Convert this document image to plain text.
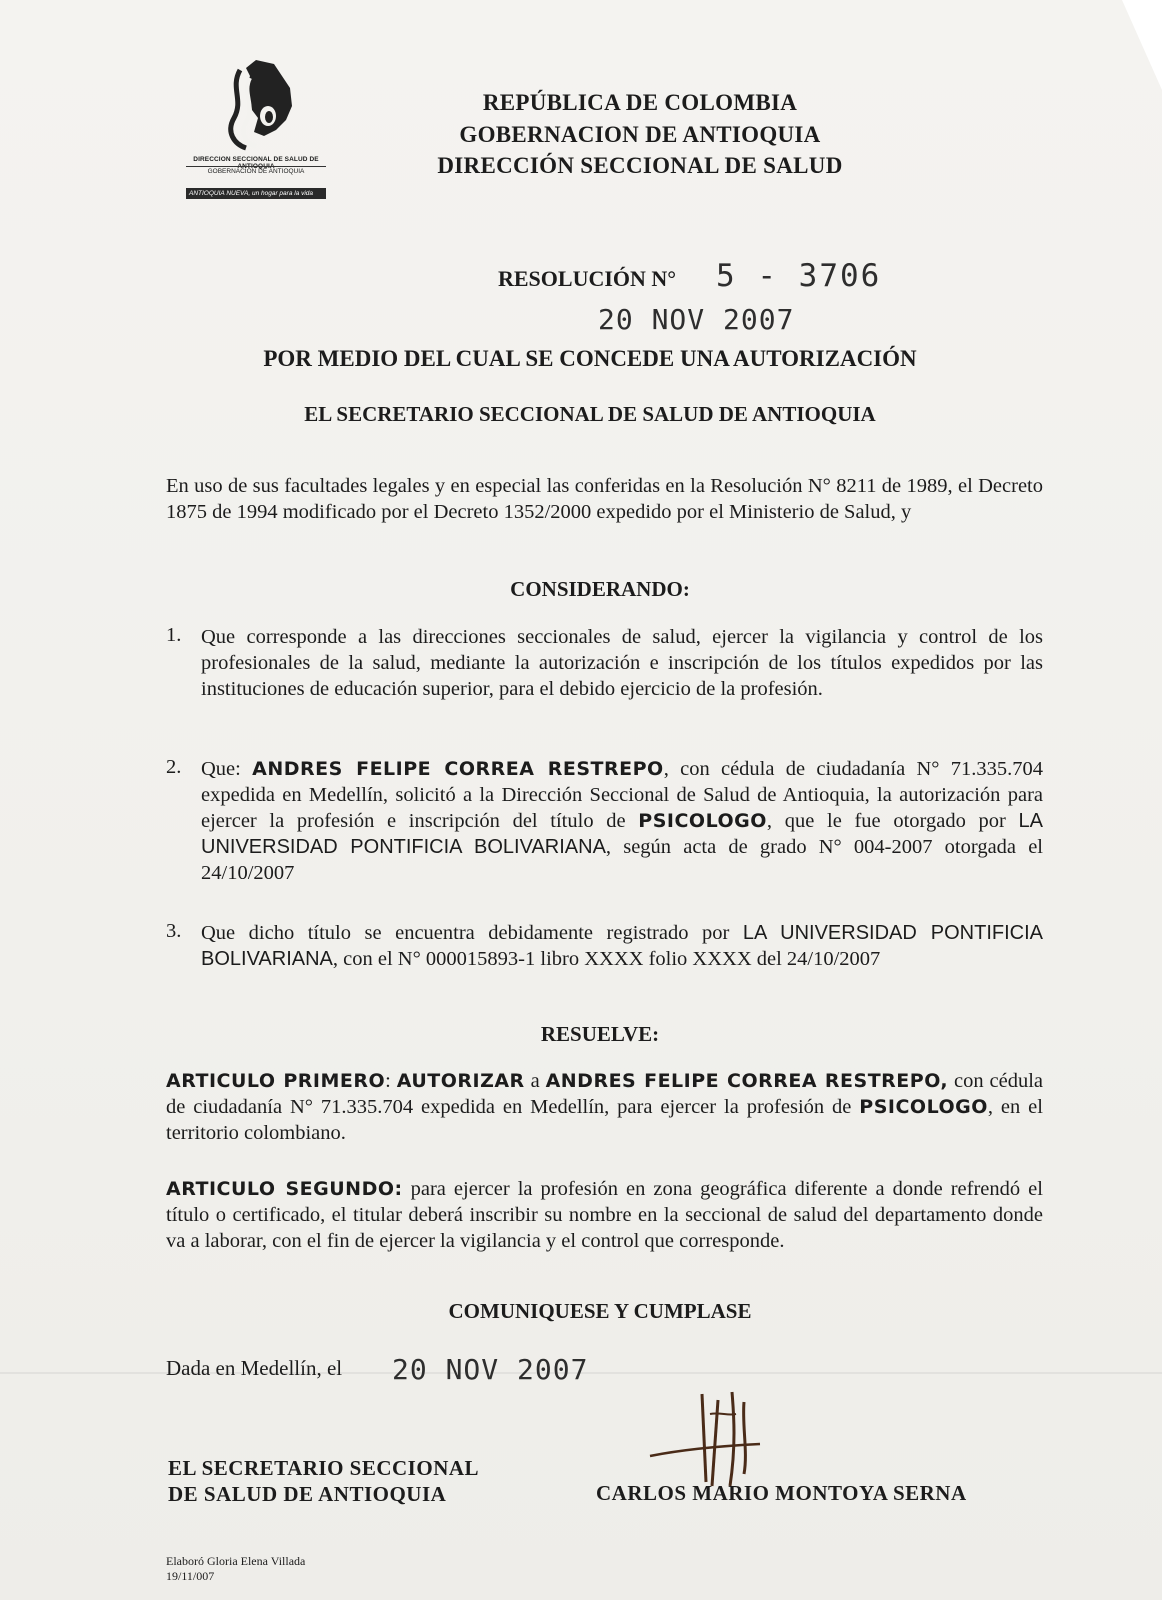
DIRECCION SECCIONAL DE SALUD DE ANTIOQUIA
GOBERNACION DE ANTIOQUIA
ANTIOQUIA NUEVA, un hogar para la vida
REPÚBLICA DE COLOMBIA
GOBERNACION DE ANTIOQUIA
DIRECCIÓN SECCIONAL DE SALUD
RESOLUCIÓN N° 5 - 3706
20 NOV 2007
POR MEDIO DEL CUAL SE CONCEDE UNA AUTORIZACIÓN
EL SECRETARIO SECCIONAL DE SALUD DE ANTIOQUIA
En uso de sus facultades legales y en especial las conferidas en la Resolución N° 8211 de 1989, el Decreto 1875 de 1994 modificado por el Decreto 1352/2000 expedido por el Ministerio de Salud, y
CONSIDERANDO:
1. Que corresponde a las direcciones seccionales de salud, ejercer la vigilancia y control de los profesionales de la salud, mediante la autorización e inscripción de los títulos expedidos por las instituciones de educación superior, para el debido ejercicio de la profesión.
2. Que: ANDRES FELIPE CORREA RESTREPO, con cédula de ciudadanía N° 71.335.704 expedida en Medellín, solicitó a la Dirección Seccional de Salud de Antioquia, la autorización para ejercer la profesión e inscripción del título de PSICOLOGO, que le fue otorgado por LA UNIVERSIDAD PONTIFICIA BOLIVARIANA, según acta de grado N° 004-2007 otorgada el 24/10/2007
3. Que dicho título se encuentra debidamente registrado por LA UNIVERSIDAD PONTIFICIA BOLIVARIANA, con el N° 000015893-1 libro XXXX folio XXXX del 24/10/2007
RESUELVE:
ARTICULO PRIMERO: AUTORIZAR a ANDRES FELIPE CORREA RESTREPO, con cédula de ciudadanía N° 71.335.704 expedida en Medellín, para ejercer la profesión de PSICOLOGO, en el territorio colombiano.
ARTICULO SEGUNDO: para ejercer la profesión en zona geográfica diferente a donde refrendó el título o certificado, el titular deberá inscribir su nombre en la seccional de salud del departamento donde va a laborar, con el fin de ejercer la vigilancia y el control que corresponde.
COMUNIQUESE Y CUMPLASE
Dada en Medellín, el 20 NOV 2007
EL SECRETARIO SECCIONAL
DE SALUD DE ANTIOQUIA	CARLOS MARIO MONTOYA SERNA
Elaboró Gloria Elena Villada
19/11/007
